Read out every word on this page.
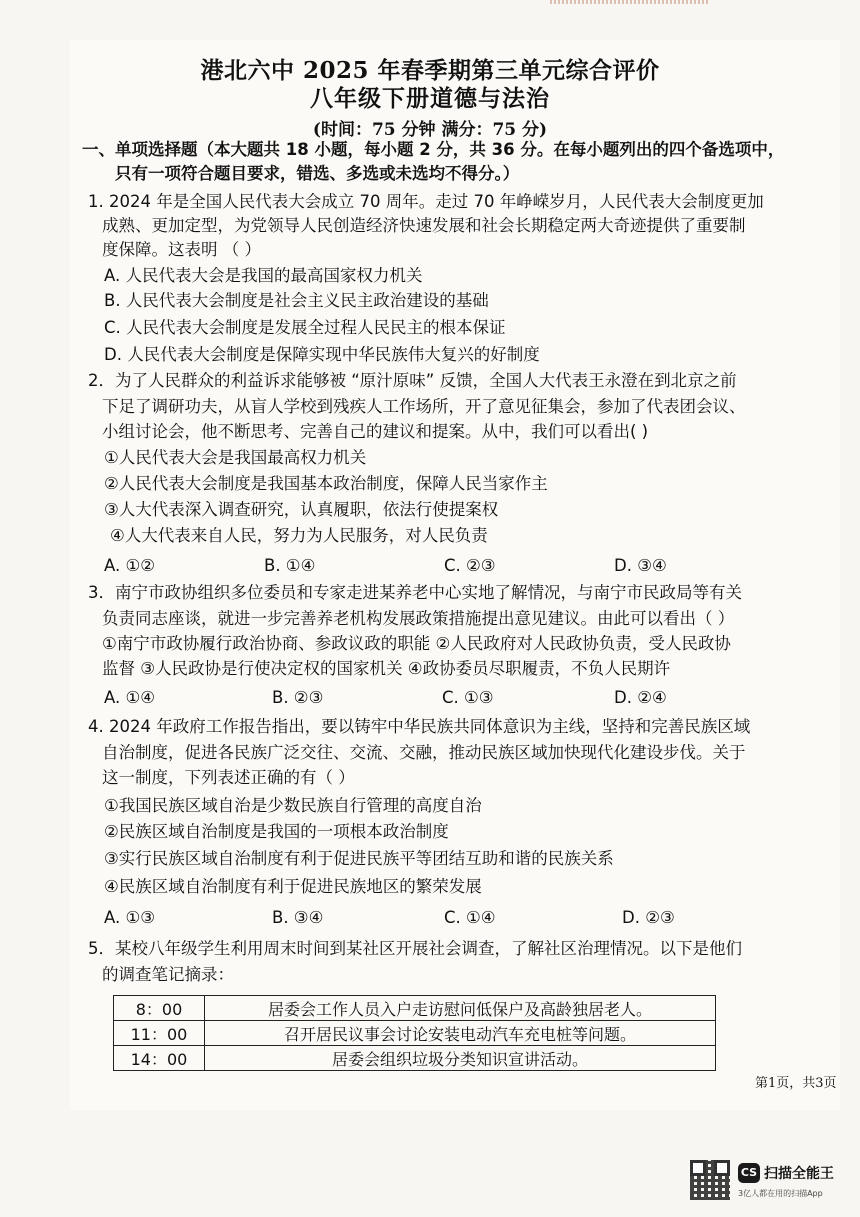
港北六中 2025 年春季期第三单元综合评价
八年级下册道德与法治
(时间：75 分钟 满分：75 分)
一、单项选择题（本大题共 18 小题，每小题 2 分，共 36 分。在每小题列出的四个备选项中，
只有一项符合题目要求，错选、多选或未选均不得分。）
1. 2024 年是全国人民代表大会成立 70 周年。走过 70 年峥嵘岁月，人民代表大会制度更加
成熟、更加定型，为党领导人民创造经济快速发展和社会长期稳定两大奇迹提供了重要制
度保障。这表明 （ ）
A. 人民代表大会是我国的最高国家权力机关
B. 人民代表大会制度是社会主义民主政治建设的基础
C. 人民代表大会制度是发展全过程人民民主的根本保证
D. 人民代表大会制度是保障实现中华民族伟大复兴的好制度
2．为了人民群众的利益诉求能够被 “原汁原味” 反馈，全国人大代表王永澄在到北京之前
下足了调研功夫，从盲人学校到残疾人工作场所，开了意见征集会，参加了代表团会议、
小组讨论会，他不断思考、完善自己的建议和提案。从中，我们可以看出( )
①人民代表大会是我国最高权力机关
②人民代表大会制度是我国基本政治制度，保障人民当家作主
③人大代表深入调查研究，认真履职，依法行使提案权
④人大代表来自人民，努力为人民服务，对人民负责
A. ①②	B. ①④	C. ②③	D. ③④
3．南宁市政协组织多位委员和专家走进某养老中心实地了解情况，与南宁市民政局等有关
负责同志座谈，就进一步完善养老机构发展政策措施提出意见建议。由此可以看出（ ）
①南宁市政协履行政治协商、参政议政的职能 ②人民政府对人民政协负责，受人民政协
监督 ③人民政协是行使决定权的国家机关 ④政协委员尽职履责，不负人民期许
A. ①④	B. ②③	C. ①③	D. ②④
4. 2024 年政府工作报告指出，要以铸牢中华民族共同体意识为主线，坚持和完善民族区域
自治制度，促进各民族广泛交往、交流、交融，推动民族区域加快现代化建设步伐。关于
这一制度，下列表述正确的有（ ）
①我国民族区域自治是少数民族自行管理的高度自治
②民族区域自治制度是我国的一项根本政治制度
③实行民族区域自治制度有利于促进民族平等团结互助和谐的民族关系
④民族区域自治制度有利于促进民族地区的繁荣发展
A. ①③	B. ③④	C. ①④	D. ②③
5．某校八年级学生利用周末时间到某社区开展社会调查，了解社区治理情况。以下是他们
的调查笔记摘录：
8：00	居委会工作人员入户走访慰问低保户及高龄独居老人。
11：00	召开居民议事会讨论安装电动汽车充电桩等问题。
14：00	居委会组织垃圾分类知识宣讲活动。
第1页，共3页
CS 扫描全能王
3亿人都在用的扫描App
